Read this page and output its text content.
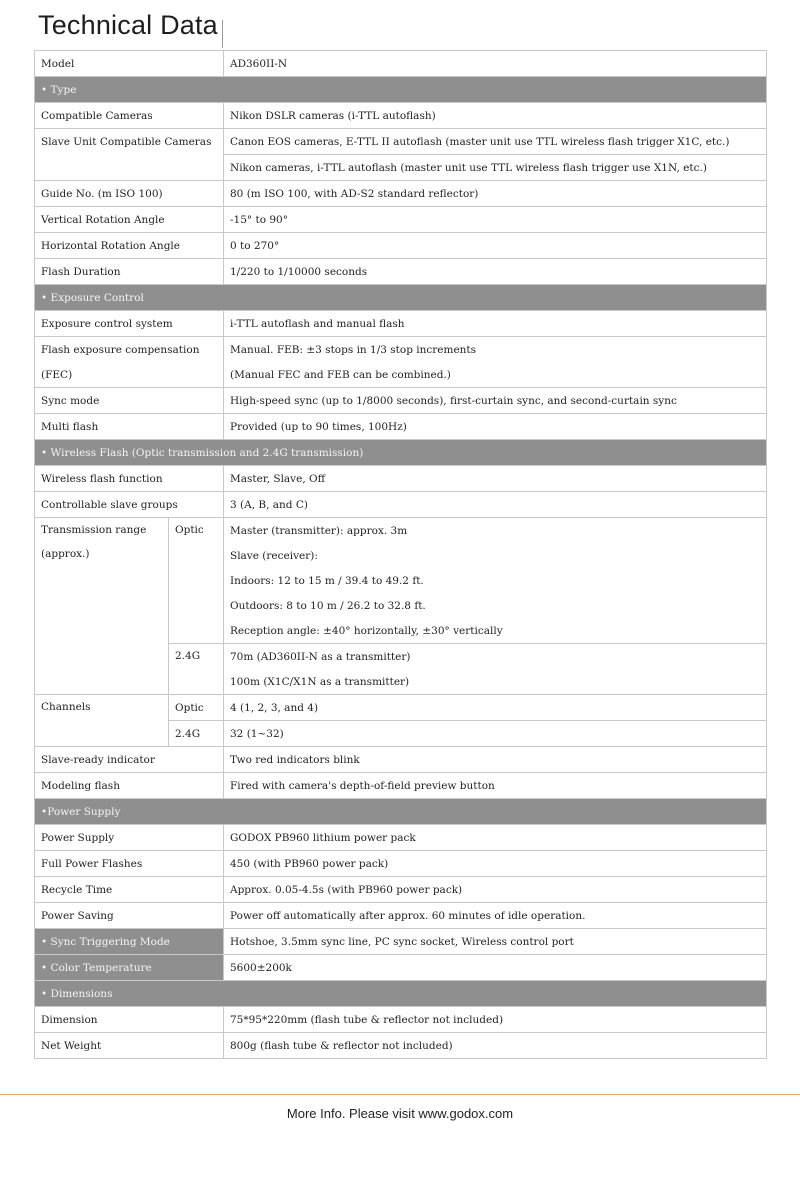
Technical Data
Model		AD360II-N
• Type		
Compatible Cameras		Nikon DSLR cameras (i-TTL autoflash)
Slave Unit Compatible Cameras		Canon EOS cameras, E-TTL II autoflash (master unit use TTL wireless flash trigger X1C, etc.)
		Nikon cameras, i-TTL autoflash (master unit use TTL wireless flash trigger use X1N, etc.)
Guide No. (m ISO 100)		80 (m ISO 100, with AD-S2 standard reflector)
Vertical Rotation Angle		-15° to 90°
Horizontal Rotation Angle		0 to 270°
Flash Duration		1/220 to 1/10000 seconds
• Exposure Control		
Exposure control system		i-TTL autoflash and manual flash
Flash exposure compensation		Manual. FEB: ±3 stops in 1/3 stop increments
(FEC)		(Manual FEC and FEB can be combined.)
Sync mode		High-speed sync (up to 1/8000 seconds), first-curtain sync, and second-curtain sync
Multi flash		Provided (up to 90 times, 100Hz)
• Wireless Flash (Optic transmission and 2.4G transmission)		
Wireless flash function		Master, Slave, Off
Controllable slave groups		3 (A, B, and C)

Transmission range
(approx.)	Optic	Master (transmitter): approx. 3m
		Slave (receiver):
		Indoors: 12 to 15 m / 39.4 to 49.2 ft.
		Outdoors: 8 to 10 m / 26.2 to 32.8 ft.
		Reception angle: ±40° horizontally, ±30° vertically
	2.4G	70m (AD360II-N as a transmitter)
		100m (X1C/X1N as a transmitter)
Channels	Optic	4 (1, 2, 3, and 4)
	2.4G	32 (1~32)
Slave-ready indicator		Two red indicators blink
Modeling flash		Fired with camera's depth-of-field preview button
•Power Supply		
Power Supply		GODOX PB960 lithium power pack
Full Power Flashes		450 (with PB960 power pack)
Recycle Time		Approx. 0.05-4.5s (with PB960 power pack)
Power Saving		Power off automatically after approx. 60 minutes of idle operation.
• Sync Triggering Mode		Hotshoe, 3.5mm sync line, PC sync socket, Wireless control port
• Color Temperature		5600±200k
• Dimensions		
Dimension		75*95*220mm (flash tube & reflector not included)
Net Weight		800g (flash tube & reflector not included)
More Info. Please visit www.godox.com
